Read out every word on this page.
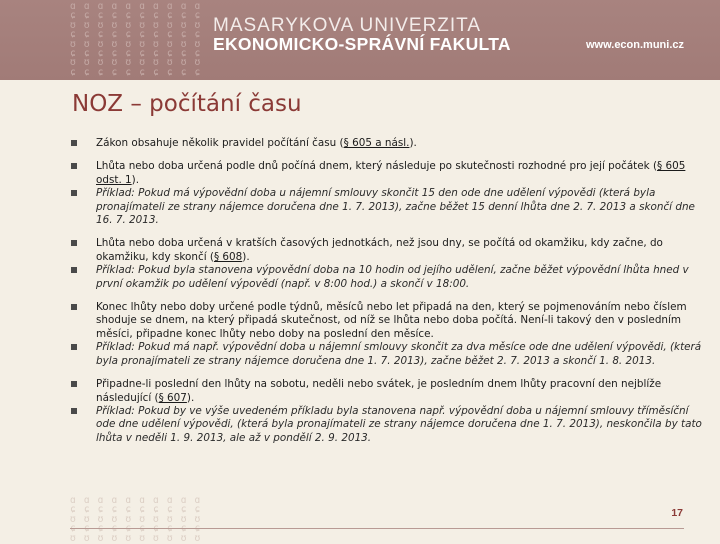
ɑ ɑ ɑ ɑ ɑ ɑ ɑ ɑ ɑ ɑ
ɕ ɕ ɕ ɕ ɕ ɕ ɕ ɕ ɕ ɕ
ʊ ʊ ʊ ʊ ʊ ʊ ʊ ʊ ʊ ʊ
ɕ ɕ ɕ ɕ ɕ ɕ ɕ ɕ ɕ ɕ
ʊ ʊ ʊ ʊ ʊ ʊ ʊ ʊ ʊ ʊ
ɕ ɕ ɕ ɕ ɕ ɕ ɕ ɕ ɕ ɕ
ʊ ʊ ʊ ʊ ʊ ʊ ʊ ʊ ʊ ʊ
ɕ ɕ ɕ ɕ ɕ ɕ ɕ ɕ ɕ ɕ
MASARYKOVA UNIVERZITA
EKONOMICKO-SPRÁVNÍ FAKULTA	www.econ.muni.cz
NOZ – počítání času
Zákon obsahuje několik pravidel počítání času (§ 605 a násl.).
Lhůta nebo doba určená podle dnů počíná dnem, který následuje po skutečnosti rozhodné pro její počátek (§ 605 odst. 1).
Příklad: Pokud má výpovědní doba u nájemní smlouvy skončit 15 den ode dne udělení výpovědi (která byla pronajímateli ze strany nájemce doručena dne 1. 7. 2013), začne běžet 15 denní lhůta dne 2. 7. 2013 a skončí dne 16. 7. 2013.
Lhůta nebo doba určená v kratších časových jednotkách, než jsou dny, se počítá od okamžiku, kdy začne, do okamžiku, kdy skončí (§ 608).
Příklad: Pokud byla stanovena výpovědní doba na 10 hodin od jejího udělení, začne běžet výpovědní lhůta hned v první okamžik po udělení výpovědí (např. v 8:00 hod.) a skončí v 18:00.
Konec lhůty nebo doby určené podle týdnů, měsíců nebo let připadá na den, který se pojmenováním nebo číslem shoduje se dnem, na který připadá skutečnost, od níž se lhůta nebo doba počítá. Není-li takový den v posledním měsíci, připadne konec lhůty nebo doby na poslední den měsíce.
Příklad: Pokud má např. výpovědní doba u nájemní smlouvy skončit za dva měsíce ode dne udělení výpovědi, (která byla pronajímateli ze strany nájemce doručena dne 1. 7. 2013), začne běžet 2. 7. 2013 a skončí 1. 8. 2013.
Připadne-li poslední den lhůty na sobotu, neděli nebo svátek, je posledním dnem lhůty pracovní den nejblíže následující (§ 607).
Příklad: Pokud by ve výše uvedeném příkladu byla stanovena např. výpovědní doba u nájemní smlouvy tříměsíční ode dne udělení výpovědi, (která byla pronajímateli ze strany nájemce doručena dne 1. 7. 2013), neskončila by tato lhůta v neděli 1. 9. 2013, ale až v pondělí 2. 9. 2013.
ɑ ɑ ɑ ɑ ɑ ɑ ɑ ɑ ɑ ɑ
ɕ ɕ ɕ ɕ ɕ ɕ ɕ ɕ ɕ ɕ
ʊ ʊ ʊ ʊ ʊ ʊ ʊ ʊ ʊ ʊ

ʊ ʊ ʊ ʊ ʊ ʊ ʊ ʊ ʊ ʊ
17
